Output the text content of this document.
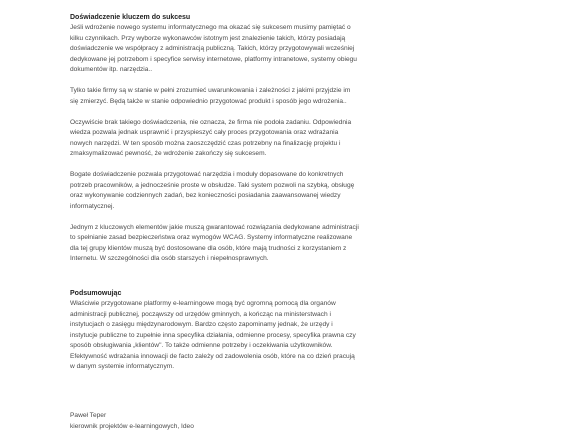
Doświadczenie kluczem do sukcesu

Jeśli wdrożenie nowego systemu informatycznego ma okazać się sukcesem musimy pamiętać o kilku czynnikach. Przy wyborze wykonawców istotnym jest znalezienie takich, którzy posiadają doświadczenie we współpracy z administracją publiczną. Takich, którzy przygotowywali wcześniej dedykowane jej potrzebom i specyfice serwisy internetowe, platformy intranetowe, systemy obiegu dokumentów itp. narzędzia..

Tylko takie firmy są w stanie w pełni zrozumieć uwarunkowania i zależności z jakimi przyjdzie im się zmierzyć. Będą także w stanie odpowiednio przygotować produkt i sposób jego wdrożenia..

Oczywiście brak takiego doświadczenia, nie oznacza, że firma nie podoła zadaniu. Odpowiednia wiedza pozwala jednak usprawnić i przyspieszyć cały proces przygotowania oraz wdrażania nowych narzędzi. W ten sposób można zaoszczędzić czas potrzebny na finalizację projektu i zmaksymalizować pewność, że wdrożenie zakończy się sukcesem.

Bogate doświadczenie pozwala przygotować narzędzia i moduły dopasowane do konkretnych potrzeb pracowników, a jednocześnie proste w obsłudze. Taki system pozwoli na szybką, obsługę oraz wykonywanie codziennych zadań, bez konieczności posiadania zaawansowanej wiedzy informatycznej.

Jednym z kluczowych elementów jakie muszą gwarantować rozwiązania dedykowane administracji to spełnianie zasad bezpieczeństwa oraz wymogów WCAG. Systemy informatyczne realizowane dla tej grupy klientów muszą być dostosowane dla osób, które mają trudności z korzystaniem z Internetu. W szczególności dla osób starszych i niepełnosprawnych.

Podsumowując

Właściwie przygotowane platformy e-learningowe mogą być ogromną pomocą dla organów administracji publicznej, począwszy od urzędów gminnych, a kończąc na ministerstwach i instytucjach o zasięgu międzynarodowym. Bardzo często zapominamy jednak, że urzędy i instytucje publiczne to zupełnie inna specyfika działania, odmienne procesy, specyfika prawna czy sposób obsługiwania „klientów". To także odmienne potrzeby i oczekiwania użytkowników. Efektywność wdrażania innowacji de facto zależy od zadowolenia osób, które na co dzień pracują w danym systemie informatycznym.

Paweł Teper

kierownik projektów e-learningowych, Ideo
